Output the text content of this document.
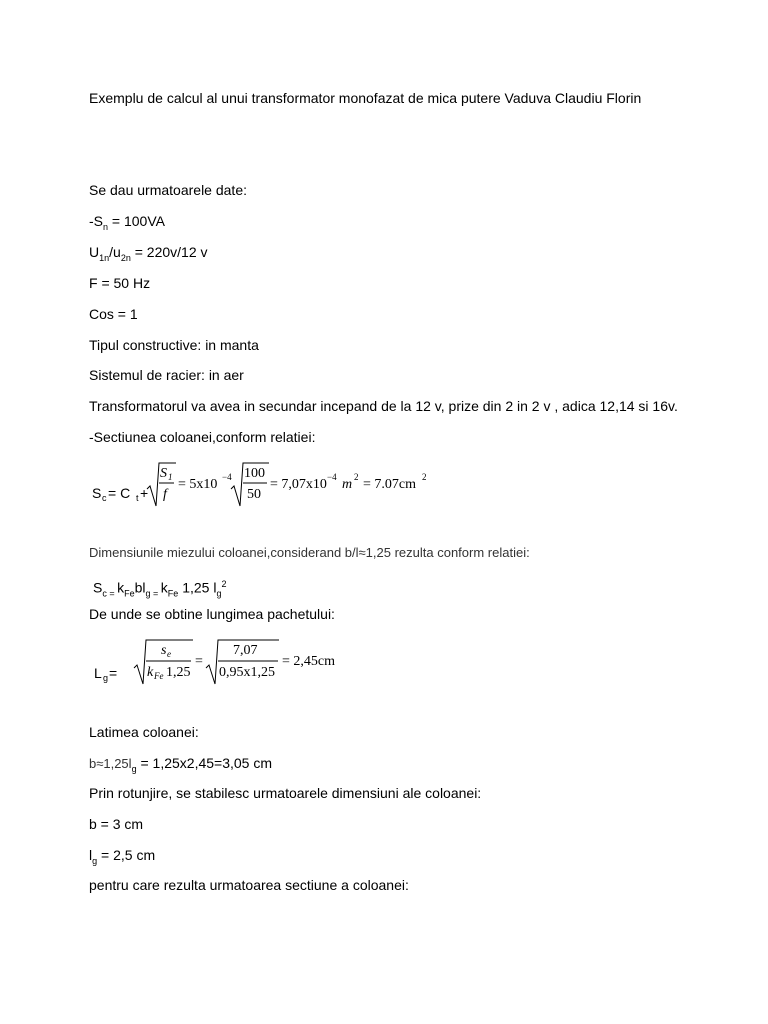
Exemplu de calcul al unui transformator monofazat de mica putere Vaduva Claudiu Florin
Se dau urmatoarele date:
$-S_n = 100VA$
$U_{1n}/u_{2n} = 220v/12$ v
F = 50 Hz
Cos = 1
Tipul constructive: in manta
Sistemul de racier: in aer
Transformatorul va avea in secundar incepand de la 12 v, prize din 2 in 2 v , adica 12,14 si 16v.
-Sectiunea coloanei,conform relatiei:
S c = C t +
S 1
f
= 5x10 −4 100
50
= 7,07x10 −4 m 2 = 7.07cm 2
Dimensiunile miezului coloanei,considerand b/l≈1,25 rezulta conform relatiei:
$S_{c =}$ $k_{Fe}bl_{g =}$ $k_{Fe}$ 1,25 $l_g^2$
De unde se obtine lungimea pachetului:
L g =
s e
k Fe 1,25
=
7,07
0,95x1,25
= 2,45cm
Latimea coloanei:
$b\approx 1,25l_g = 1,25x2,45=3,05$ cm
Prin rotunjire, se stabilesc urmatoarele dimensiuni ale coloanei:
b = 3 cm
$l_g = 2,5$ cm
pentru care rezulta urmatoarea sectiune a coloanei:
